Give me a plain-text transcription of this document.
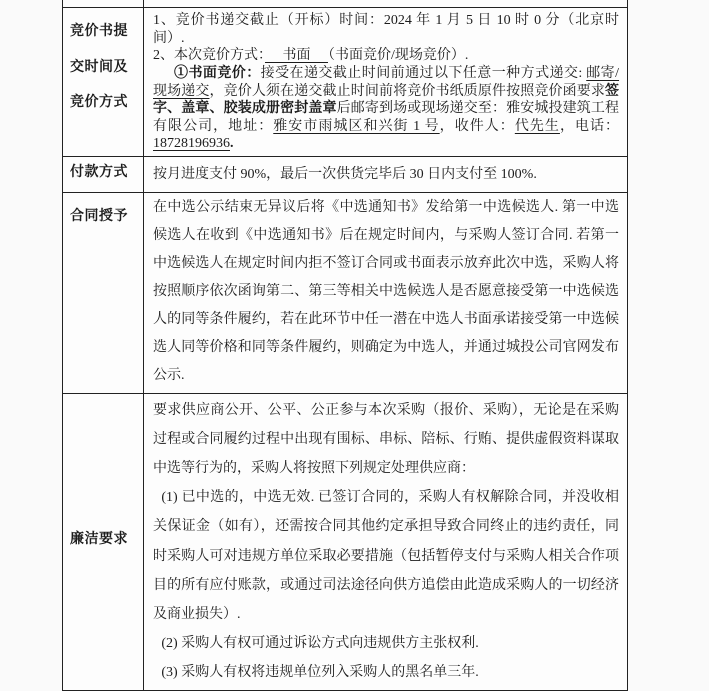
竞价书提交时间及竞价方式

1、竞价书递交截止（开标）时间：2024 年 1 月 5 日 10 时 0 分（北京时间）.

2、本次竞价方式：　 书面 　（书面竞价/现场竞价）.

①书面竞价：接受在递交截止时间前通过以下任意一种方式递交: 邮寄/现场递交，竞价人须在递交截止时间前将竞价书纸质原件按照竞价函要求签字、盖章、胶装成册密封盖章后邮寄到场或现场递交至：雅安城投建筑工程有限公司，地址：雅安市雨城区和兴街 1 号，收件人：代先生，电话：18728196936.

付款方式	按月进度支付 90%，最后一次供货完毕后 30 日内支付至 100%.

合同授予

在中选公示结束无异议后将《中选通知书》发给第一中选候选人. 第一中选候选人在收到《中选通知书》后在规定时间内，与采购人签订合同. 若第一中选候选人在规定时间内拒不签订合同或书面表示放弃此次中选，采购人将按照顺序依次函询第二、第三等相关中选候选人是否愿意接受第一中选候选人的同等条件履约，若在此环节中任一潜在中选人书面承诺接受第一中选候选人同等价格和同等条件履约，则确定为中选人，并通过城投公司官网发布公示.

廉洁要求

要求供应商公开、公平、公正参与本次采购（报价、采购），无论是在采购过程或合同履约过程中出现有围标、串标、陪标、行贿、提供虚假资料谋取中选等行为的，采购人将按照下列规定处理供应商：

(1) 已中选的，中选无效. 已签订合同的，采购人有权解除合同，并没收相关保证金（如有），还需按合同其他约定承担导致合同终止的违约责任，同时采购人可对违规方单位采取必要措施（包括暂停支付与采购人相关合作项目的所有应付账款，或通过司法途径向供方追偿由此造成采购人的一切经济及商业损失）.

(2) 采购人有权可通过诉讼方式向违规供方主张权利.

(3) 采购人有权将违规单位列入采购人的黑名单三年.
